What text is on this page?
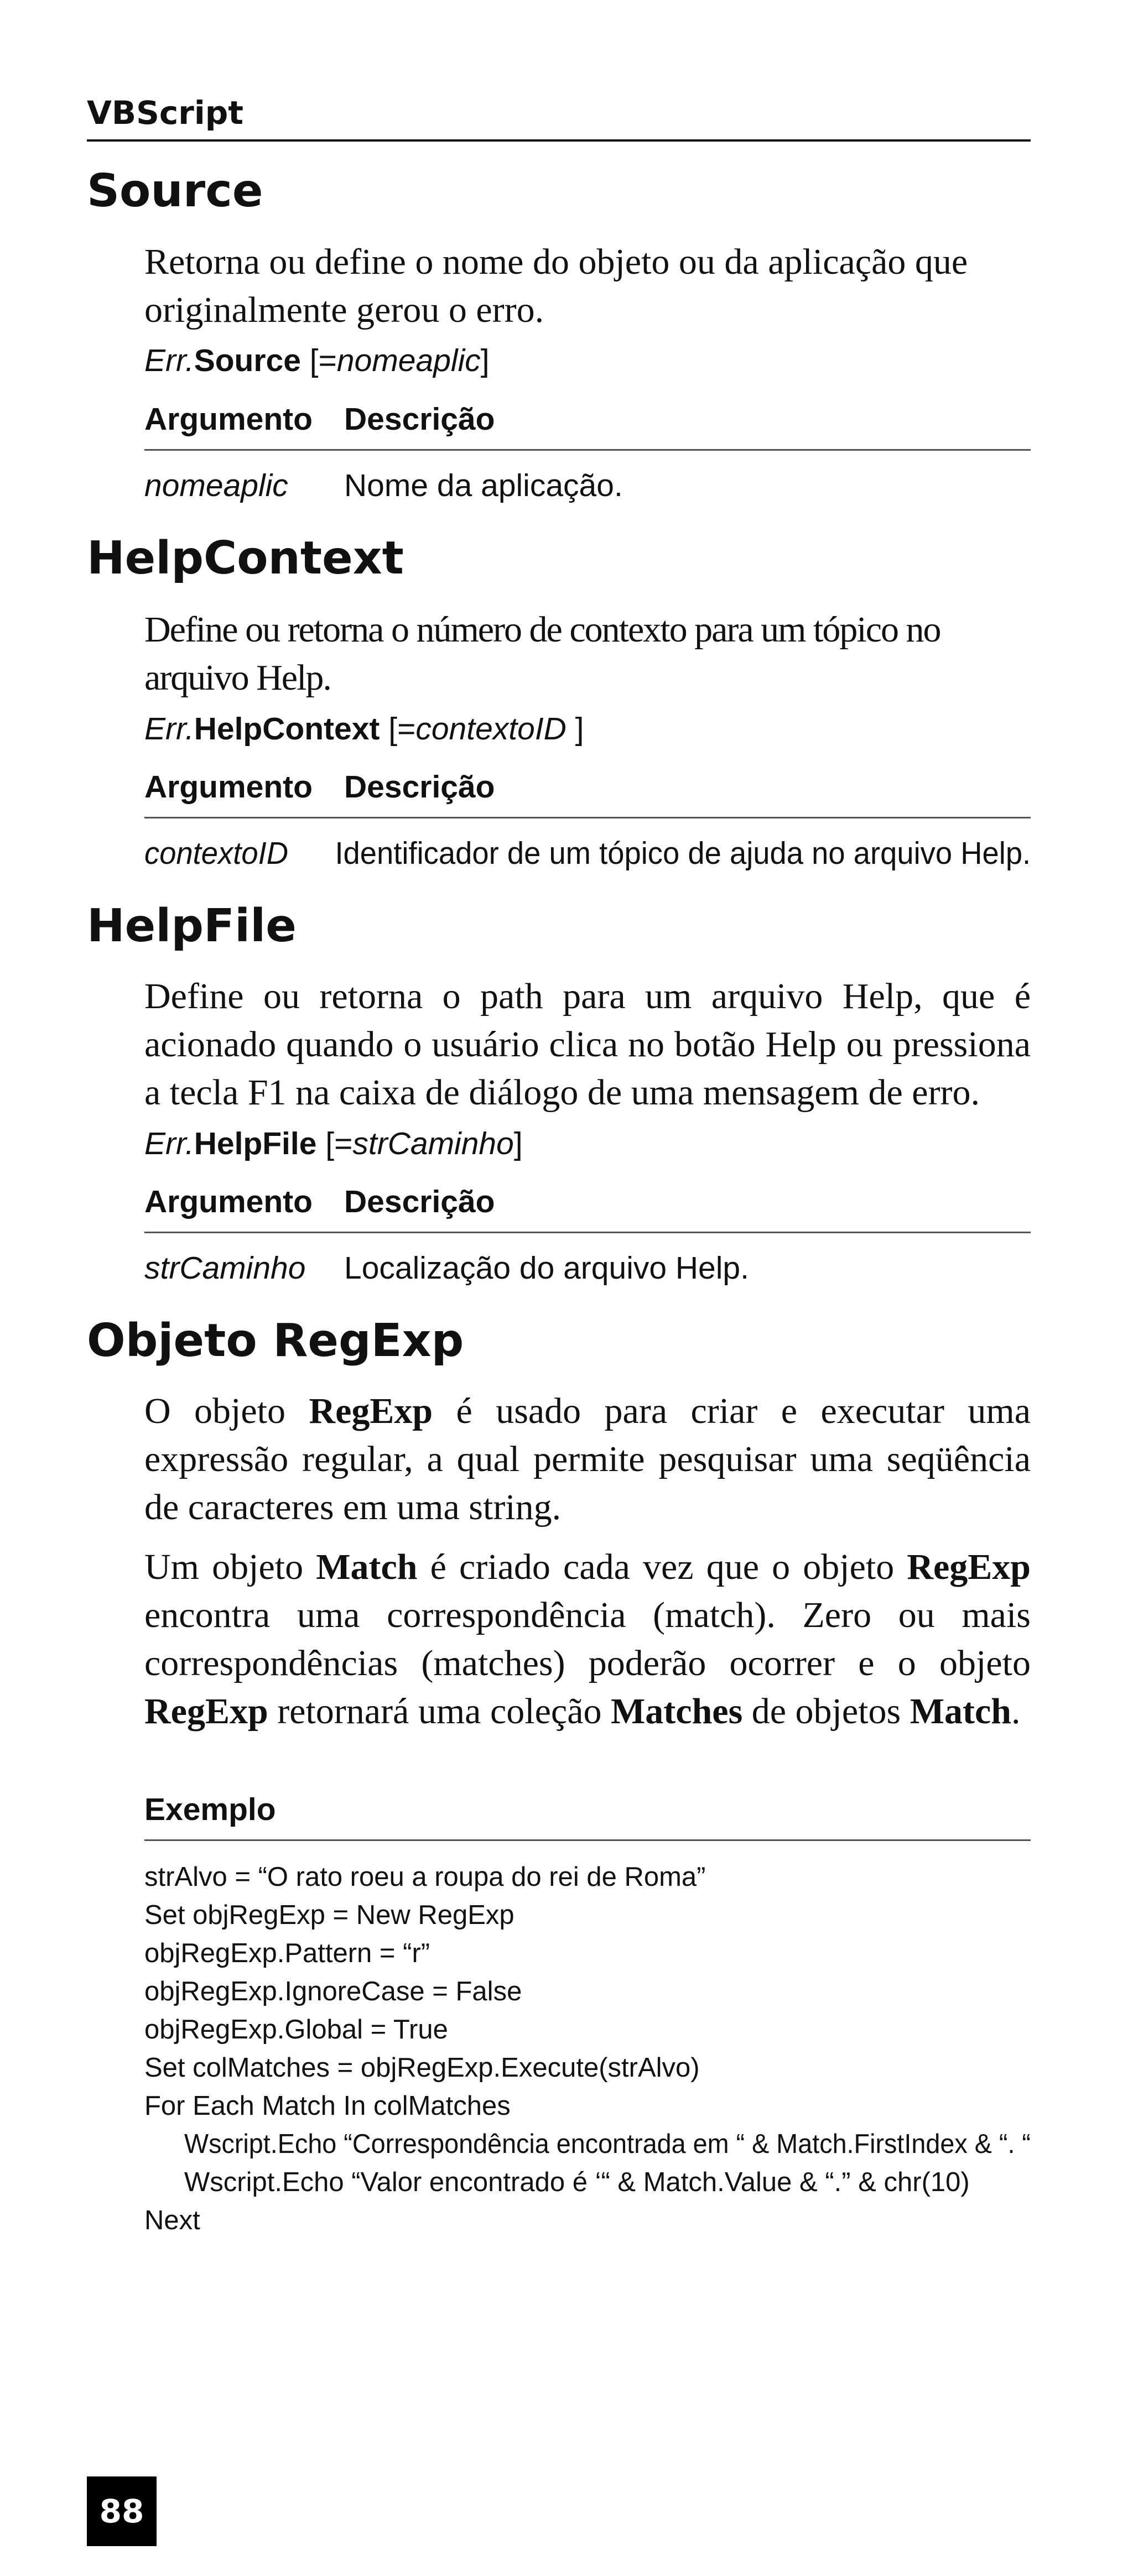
VBScript
Source

Retorna ou define o nome do objeto ou da aplicação que originalmente gerou o erro.

Err.Source [=nomeaplic]
Argumento Descrição
nomeaplic Nome da aplicação.
HelpContext

Define ou retorna o número de contexto para um tópico no arquivo Help.

Err.HelpContext [=contextoID ]
Argumento Descrição
contextoID Identificador de um tópico de ajuda no arquivo Help.
HelpFile

Define ou retorna o path para um arquivo Help, que é acionado quando o usuário clica no botão Help ou pressiona a tecla F1 na caixa de diálogo de uma mensagem de erro.

Err.HelpFile [=strCaminho]
Argumento Descrição
strCaminho Localização do arquivo Help.
Objeto RegExp

O objeto RegExp é usado para criar e executar uma expressão regular, a qual permite pesquisar uma seqüência de caracteres em uma string.

Um objeto Match é criado cada vez que o objeto RegExp encontra uma correspondência (match). Zero ou mais correspondências (matches) poderão ocorrer e o objeto RegExp retornará uma coleção Matches de objetos Match.

Exemplo
strAlvo = “O rato roeu a roupa do rei de Roma”
Set objRegExp = New RegExp
objRegExp.Pattern = “r”
objRegExp.IgnoreCase = False
objRegExp.Global = True
Set colMatches = objRegExp.Execute(strAlvo)
For Each Match In colMatches
Wscript.Echo “Correspondência encontrada em “ & Match.FirstIndex & “. “
Wscript.Echo “Valor encontrado é ‘“ & Match.Value & “.” & chr(10)
Next
88
